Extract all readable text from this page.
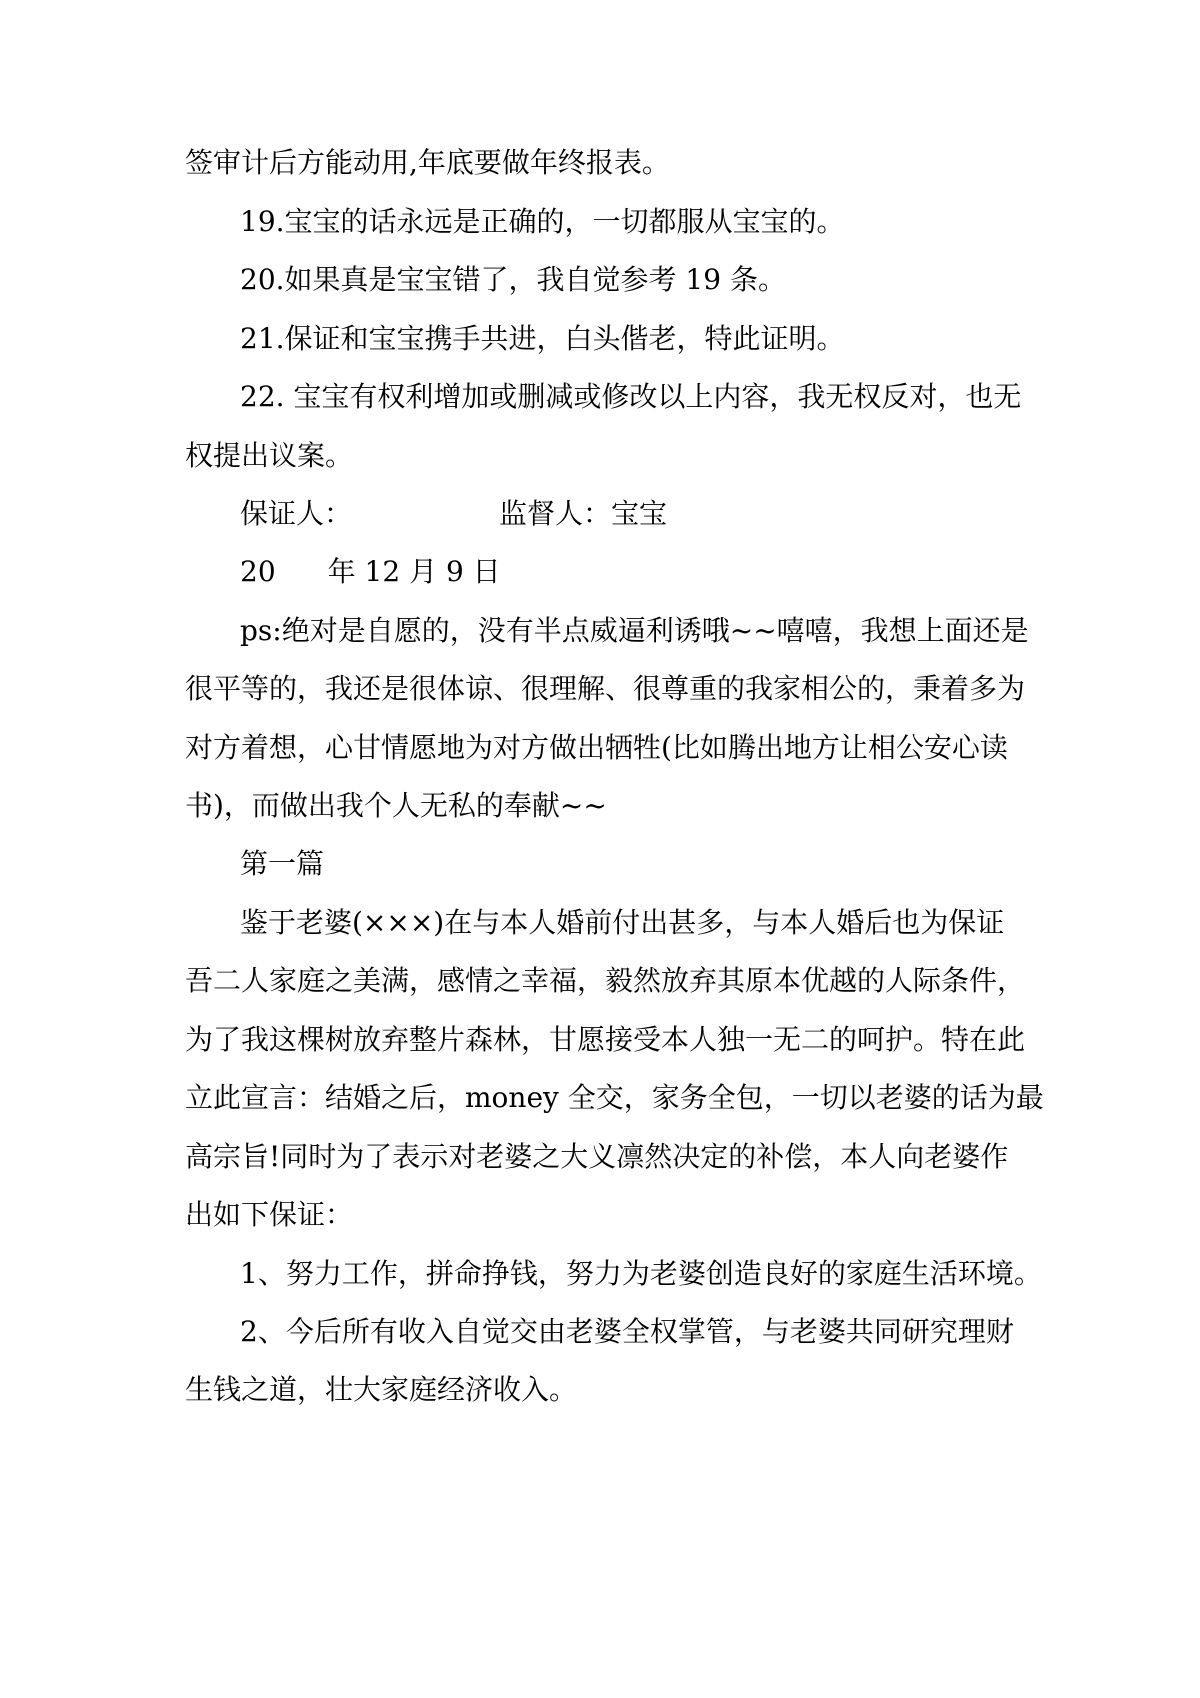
签审计后方能动用,年底要做年终报表。
19.宝宝的话永远是正确的，一切都服从宝宝的。
20.如果真是宝宝错了，我自觉参考 19 条。
21.保证和宝宝携手共进，白头偕老，特此证明。
22. 宝宝有权利增加或删减或修改以上内容，我无权反对，也无
权提出议案。
保证人：	监督人：宝宝
20 年 12 月 9 日
ps:绝对是自愿的，没有半点威逼利诱哦~~嘻嘻，我想上面还是
很平等的，我还是很体谅、很理解、很尊重的我家相公的，秉着多为
对方着想，心甘情愿地为对方做出牺牲(比如腾出地方让相公安心读
书)，而做出我个人无私的奉献~~
第一篇
鉴于老婆(×××)在与本人婚前付出甚多，与本人婚后也为保证
吾二人家庭之美满，感情之幸福，毅然放弃其原本优越的人际条件，
为了我这棵树放弃整片森林，甘愿接受本人独一无二的呵护。特在此
立此宣言：结婚之后，money 全交，家务全包，一切以老婆的话为最
高宗旨!同时为了表示对老婆之大义凛然决定的补偿，本人向老婆作
出如下保证：
1、努力工作，拼命挣钱，努力为老婆创造良好的家庭生活环境。
2、今后所有收入自觉交由老婆全权掌管，与老婆共同研究理财
生钱之道，壮大家庭经济收入。
